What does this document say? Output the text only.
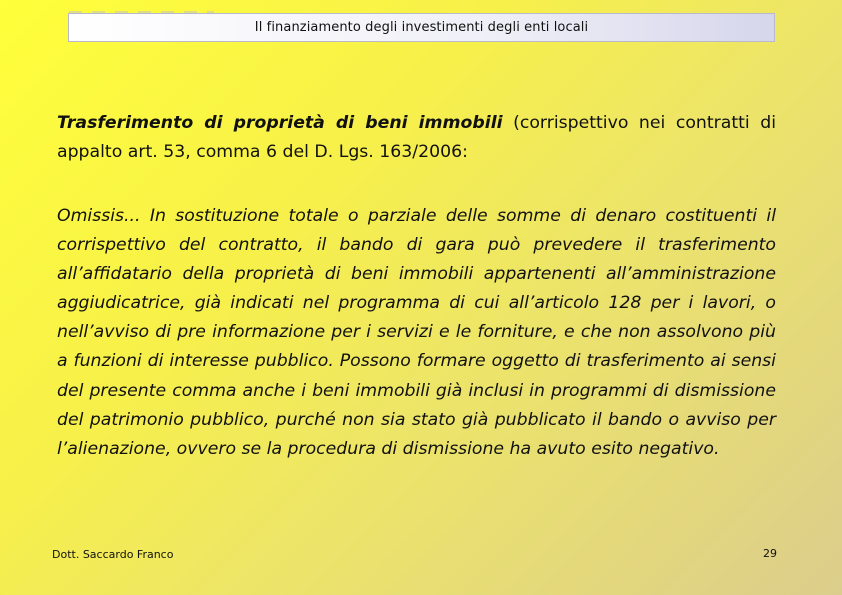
Il finanziamento degli investimenti degli enti locali

Trasferimento di proprietà di beni immobili (corrispettivo nei contratti di appalto art. 53, comma 6 del D. Lgs. 163/2006:

Omissis... In sostituzione totale o parziale delle somme di denaro costituenti il corrispettivo del contratto, il bando di gara può prevedere il trasferimento all’affidatario della proprietà di beni immobili appartenenti all’amministrazione aggiudicatrice, già indicati nel programma di cui all’articolo 128 per i lavori, o nell’avviso di pre informazione per i servizi e le forniture, e che non assolvono più a funzioni di interesse pubblico. Possono formare oggetto di trasferimento ai sensi del presente comma anche i beni immobili già inclusi in programmi di dismissione del patrimonio pubblico, purché non sia stato già pubblicato il bando o avviso per l’alienazione, ovvero se la procedura di dismissione ha avuto esito negativo.

Dott. Saccardo Franco	29
